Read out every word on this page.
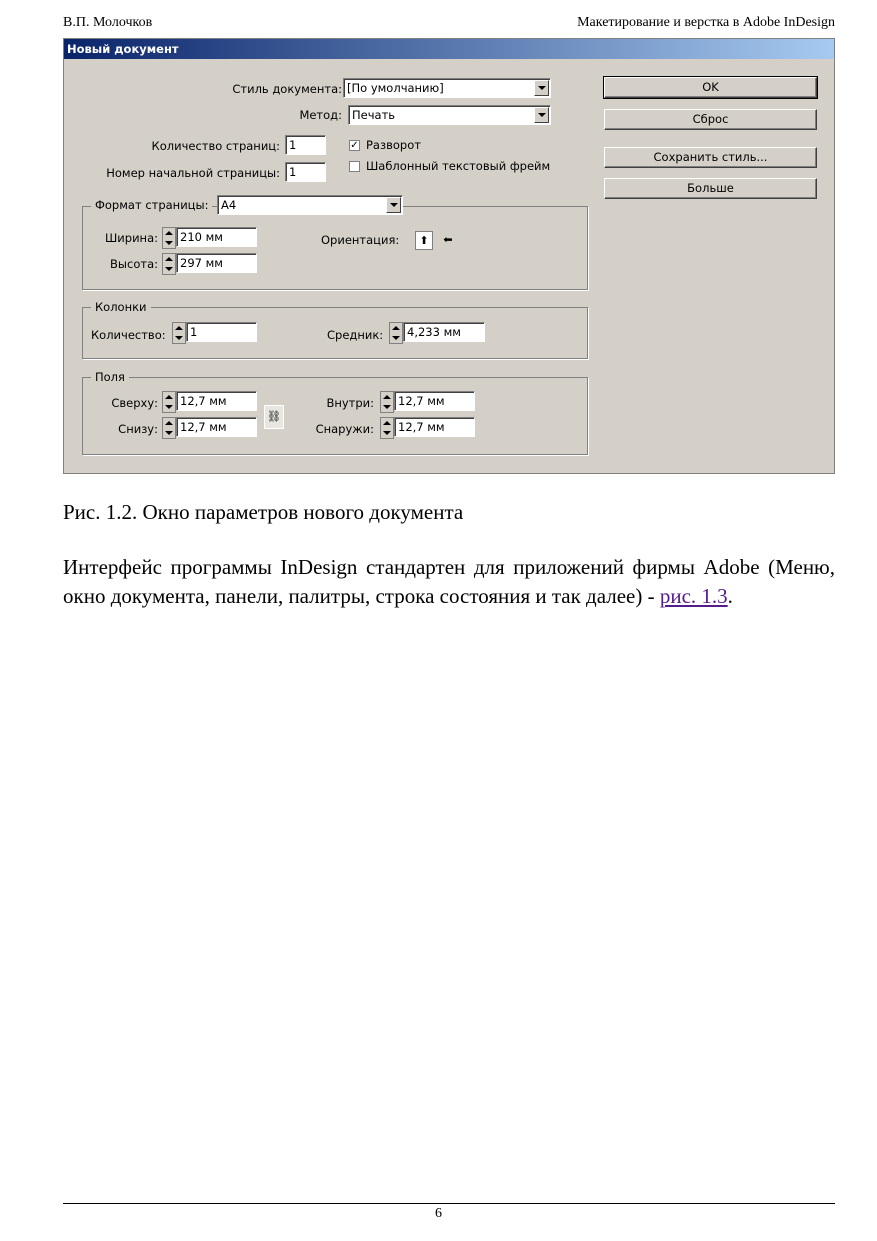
В.П. Молочков	Макетирование и верстка в Adobe InDesign
Новый документ
Стиль документа: [По умолчанию]
Метод: Печать
Количество страниц: 1
Номер начальной страницы: 1
✓ Разворот
Шаблонный текстовый фрейм
OK
Сброс
Сохранить стиль...
Больше
Формат страницы:	A4
Ширина:	210 мм
Высота:	297 мм
Ориентация:	⬆	⬅
Колонки
Количество:	1	Средник:	4,233 мм
Поля
Сверху:	12,7 мм
Снизу:	12,7 мм
⛓
Внутри:	12,7 мм
Снаружи:	12,7 мм
Рис. 1.2. Окно параметров нового документа
Интерфейс программы InDesign стандартен для приложений фирмы Adobe (Меню, окно документа, панели, палитры, строка состояния и так далее) - рис. 1.3.
6
